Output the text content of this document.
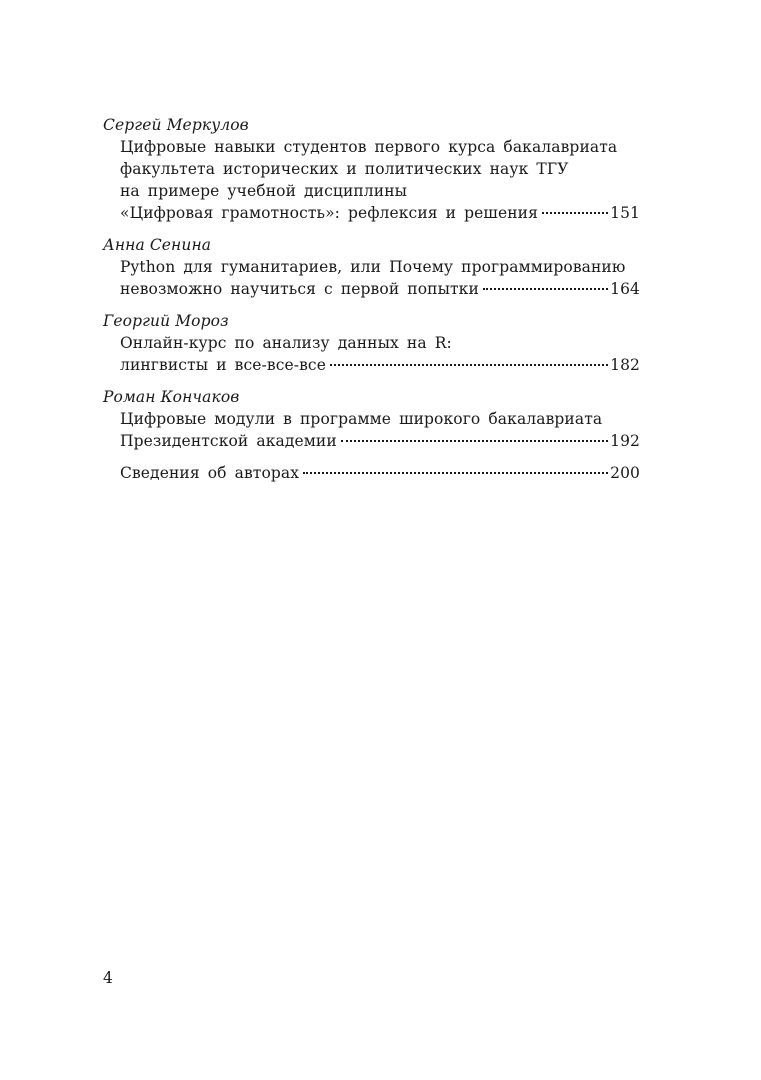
Сергей Меркулов
Цифровые навыки студентов первого курса бакалавриата
факультета исторических и политических наук ТГУ
на примере учебной дисциплины
«Цифровая грамотность»: рефлексия и решения	151
Анна Сенина
Python для гуманитариев, или Почему программированию
невозможно научиться с первой попытки	164
Георгий Мороз
Онлайн-курс по анализу данных на R:
лингвисты и все-все-все	182
Роман Кончаков
Цифровые модули в программе широкого бакалавриата
Президентской академии	192
Сведения об авторах	200
4
